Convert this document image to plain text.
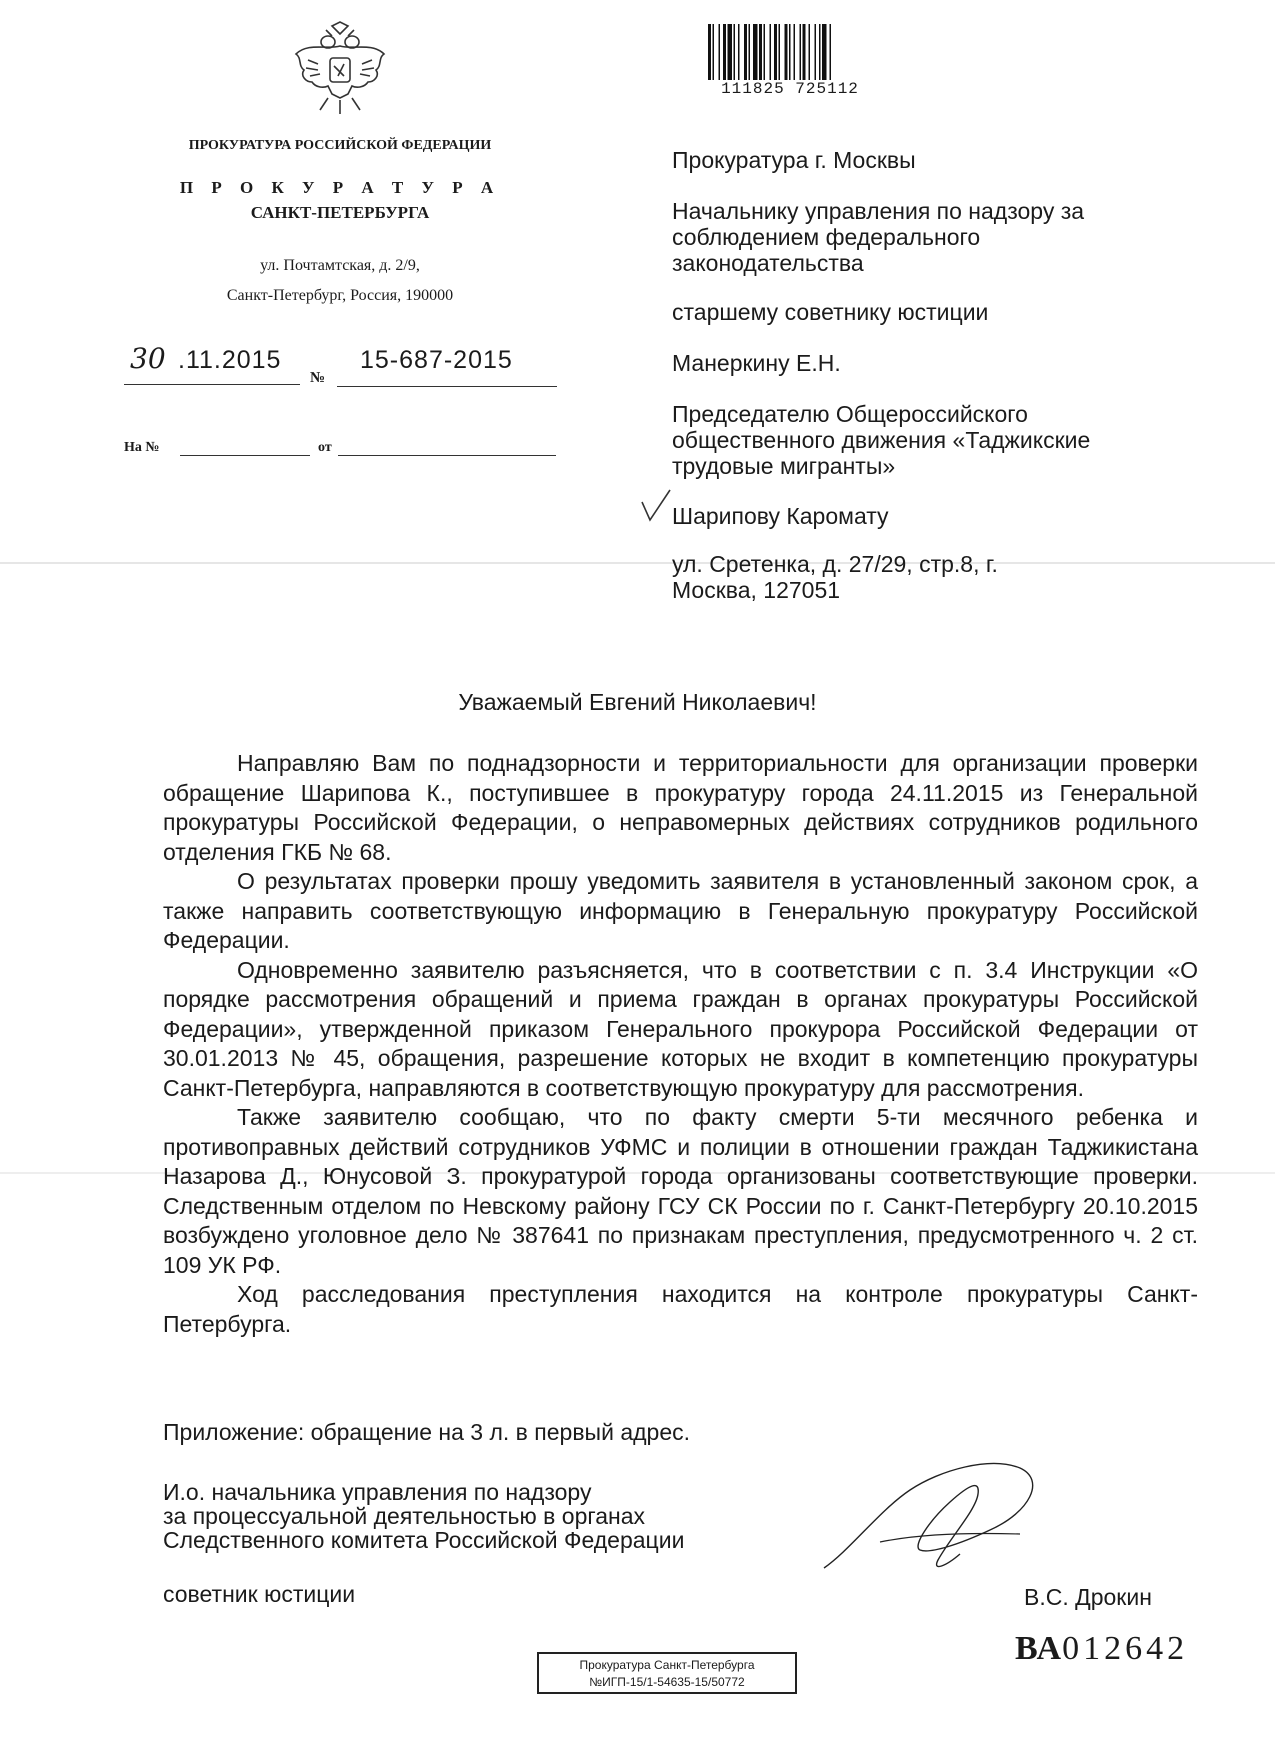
111825 725112
ПРОКУРАТУРА РОССИЙСКОЙ ФЕДЕРАЦИИ
П Р О К У Р А Т У Р А
САНКТ-ПЕТЕРБУРГА
ул. Почтамтская, д. 2/9,
Санкт-Петербург, Россия, 190000
30 .11.2015
№
15-687-2015
На №	от
Прокуратура г. Москвы
Начальнику управления по надзору за соблюдением федерального законодательства
старшему советнику юстиции
Манеркину Е.Н.
Председателю Общероссийского общественного движения «Таджикские трудовые мигранты»
Шарипову Каромату
ул. Сретенка, д. 27/29, стр.8, г. Москва, 127051
Уважаемый Евгений Николаевич!

Направляю Вам по поднадзорности и территориальности для организации проверки обращение Шарипова К., поступившее в прокуратуру города 24.11.2015 из Генеральной прокуратуры Российской Федерации, о неправомерных действиях сотрудников родильного отделения ГКБ № 68.

О результатах проверки прошу уведомить заявителя в установленный законом срок, а также направить соответствующую информацию в Генеральную прокуратуру Российской Федерации.

Одновременно заявителю разъясняется, что в соответствии с п. 3.4 Инструкции «О порядке рассмотрения обращений и приема граждан в органах прокуратуры Российской Федерации», утвержденной приказом Генерального прокурора Российской Федерации от 30.01.2013 № 45, обращения, разрешение которых не входит в компетенцию прокуратуры Санкт-Петербурга, направляются в соответствующую прокуратуру для рассмотрения.

Также заявителю сообщаю, что по факту смерти 5-ти месячного ребенка и противоправных действий сотрудников УФМС и полиции в отношении граждан Таджикистана Назарова Д., Юнусовой З. прокуратурой города организованы соответствующие проверки. Следственным отделом по Невскому району ГСУ СК России по г. Санкт-Петербургу 20.10.2015 возбуждено уголовное дело № 387641 по признакам преступления, предусмотренного ч. 2 ст. 109 УК РФ.

Ход расследования преступления находится на контроле прокуратуры Санкт-Петербурга.

Приложение: обращение на 3 л. в первый адрес.
И.о. начальника управления по надзору
за процессуальной деятельностью в органах
Следственного комитета Российской Федерации
советник юстиции	В.С. Дрокин
ВА012642
Прокуратура Санкт-Петербурга
№ИГП-15/1-54635-15/50772
